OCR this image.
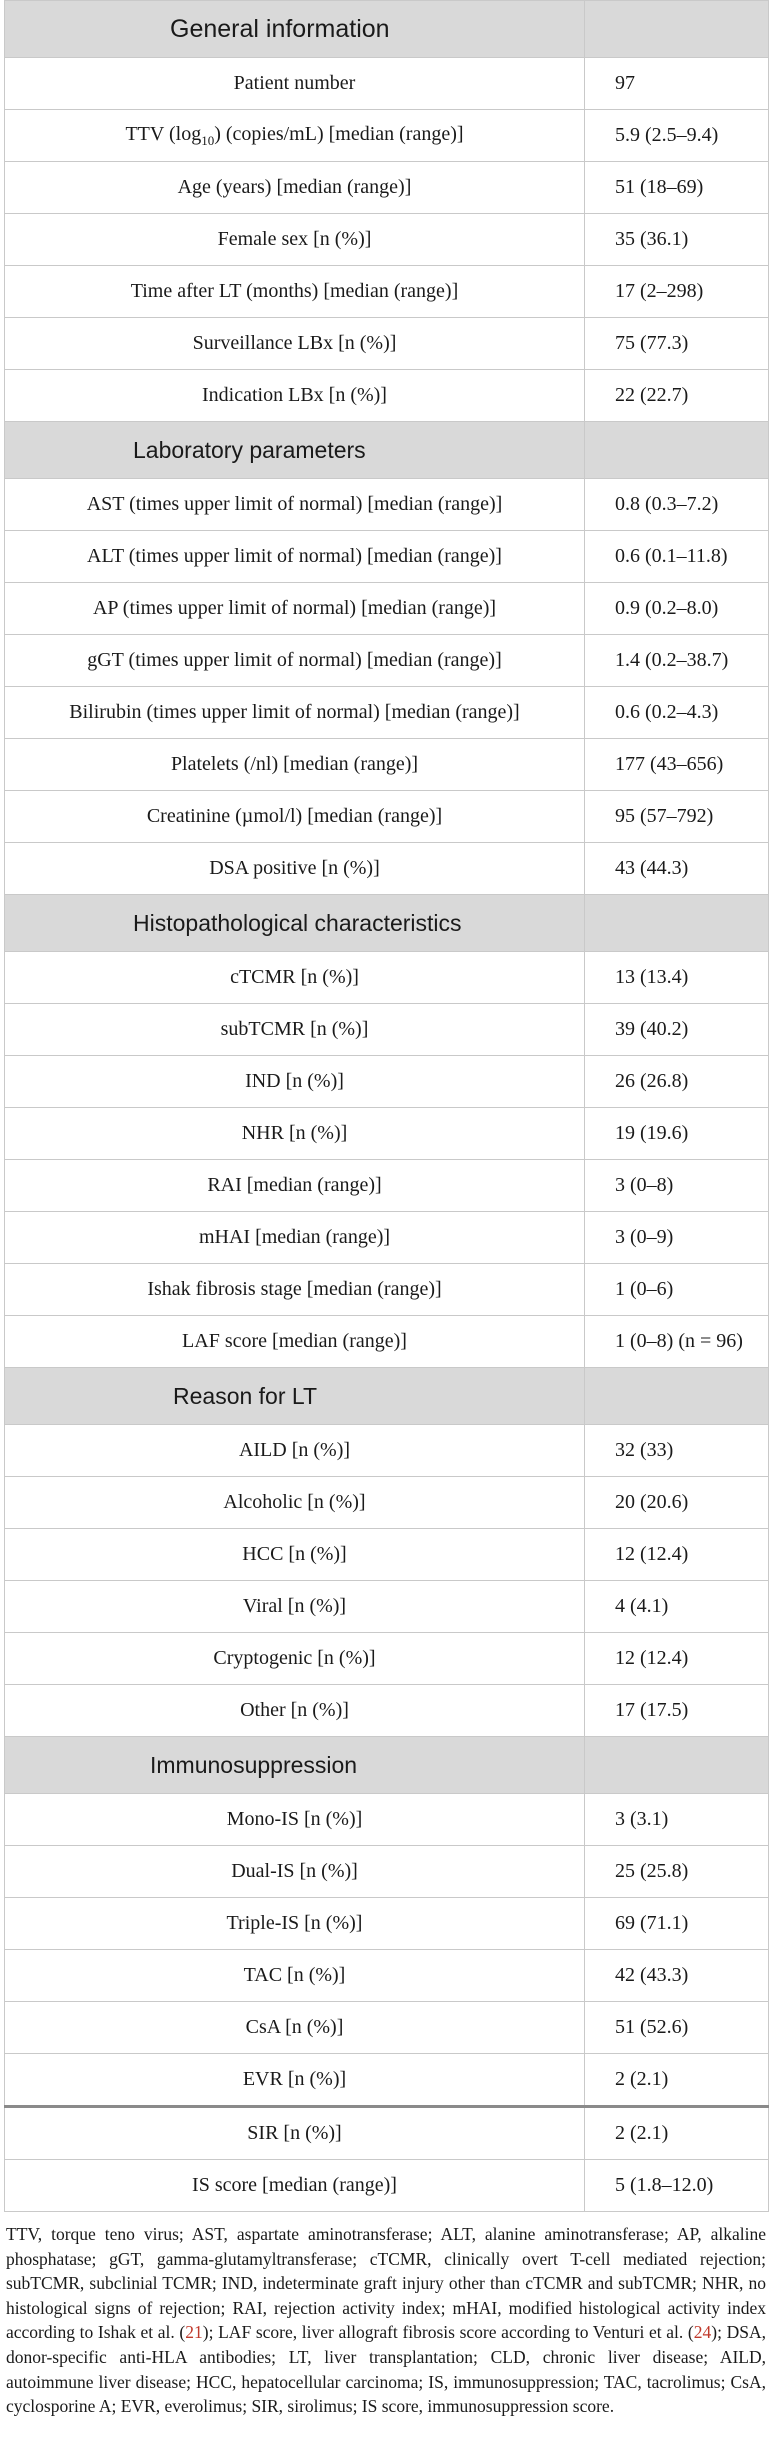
General information	
Patient number	97
TTV $(\log_{10})$ (copies/mL) [median (range)]	5.9 (2.5–9.4)
Age (years) [median (range)]	51 (18–69)
Female sex [n (%)]	35 (36.1)
Time after LT (months) [median (range)]	17 (2–298)
Surveillance LBx [n (%)]	75 (77.3)
Indication LBx [n (%)]	22 (22.7)
Laboratory parameters	
AST (times upper limit of normal) [median (range)]	0.8 (0.3–7.2)
ALT (times upper limit of normal) [median (range)]	0.6 (0.1–11.8)
AP (times upper limit of normal) [median (range)]	0.9 (0.2–8.0)
gGT (times upper limit of normal) [median (range)]	1.4 (0.2–38.7)
Bilirubin (times upper limit of normal) [median (range)]	0.6 (0.2–4.3)
Platelets (/nl) [median (range)]	177 (43–656)
Creatinine (µmol/l) [median (range)]	95 (57–792)
DSA positive [n (%)]	43 (44.3)
Histopathological characteristics	
cTCMR [n (%)]	13 (13.4)
subTCMR [n (%)]	39 (40.2)
IND [n (%)]	26 (26.8)
NHR [n (%)]	19 (19.6)
RAI [median (range)]	3 (0–8)
mHAI [median (range)]	3 (0–9)
Ishak fibrosis stage [median (range)]	1 (0–6)
LAF score [median (range)]	1 (0–8) (n = 96)
Reason for LT	
AILD [n (%)]	32 (33)
Alcoholic [n (%)]	20 (20.6)
HCC [n (%)]	12 (12.4)
Viral [n (%)]	4 (4.1)
Cryptogenic [n (%)]	12 (12.4)
Other [n (%)]	17 (17.5)
Immunosuppression	
Mono-IS [n (%)]	3 (3.1)
Dual-IS [n (%)]	25 (25.8)
Triple-IS [n (%)]	69 (71.1)
TAC [n (%)]	42 (43.3)
CsA [n (%)]	51 (52.6)
EVR [n (%)]	2 (2.1)
SIR [n (%)]	2 (2.1)
IS score [median (range)]	5 (1.8–12.0)
TTV, torque teno virus; AST, aspartate aminotransferase; ALT, alanine aminotransferase; AP, alkaline phosphatase; gGT, gamma-glutamyltransferase; cTCMR, clinically overt T-cell mediated rejection; subTCMR, subclinial TCMR; IND, indeterminate graft injury other than cTCMR and subTCMR; NHR, no histological signs of rejection; RAI, rejection activity index; mHAI, modified histological activity index according to Ishak et al. (21); LAF score, liver allograft fibrosis score according to Venturi et al. (24); DSA, donor-specific anti-HLA antibodies; LT, liver transplantation; CLD, chronic liver disease; AILD, autoimmune liver disease; HCC, hepatocellular carcinoma; IS, immunosuppression; TAC, tacrolimus; CsA, cyclosporine A; EVR, everolimus; SIR, sirolimus; IS score, immunosuppression score.
